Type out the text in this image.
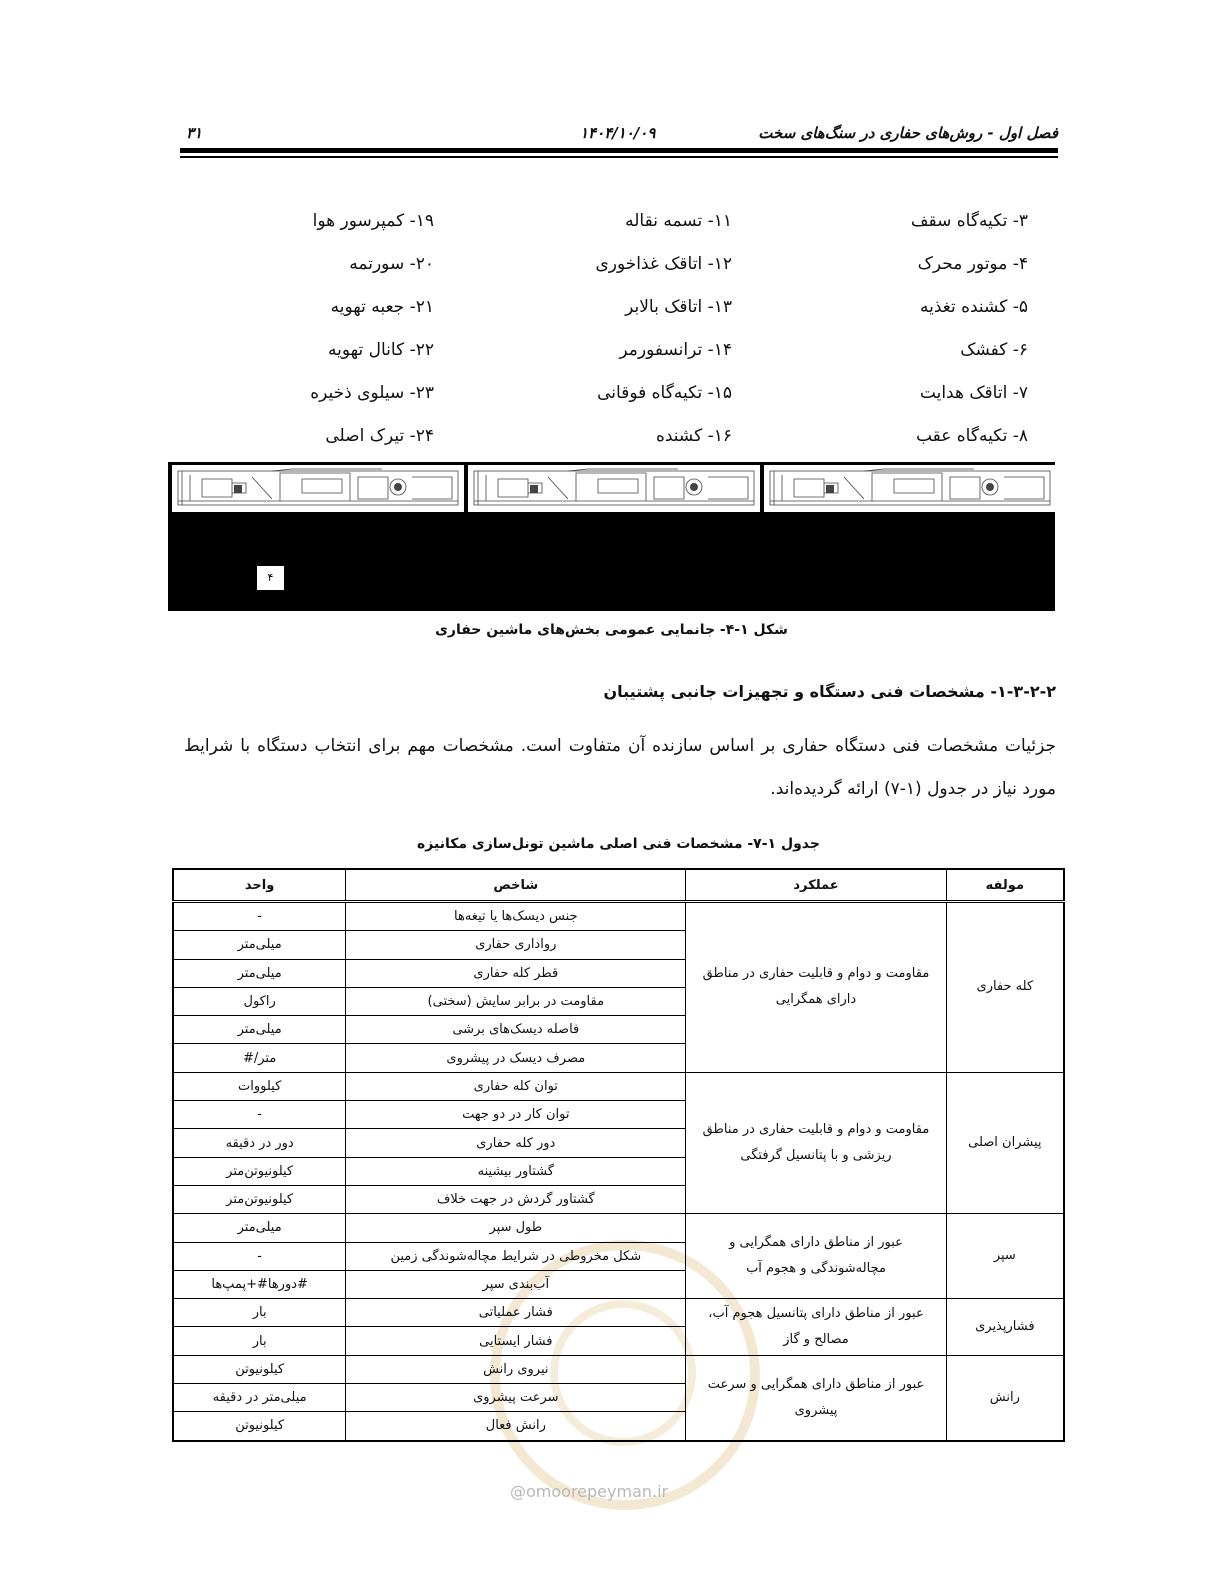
فصل اول - روش‌های حفاری در سنگ‌های سخت
۱۴۰۴/۱۰/۰۹
۳۱
۳- تکیه‌گاه سقف
۴- موتور محرک
۵- کشنده تغذیه
۶- کفشک
۷- اتاقک هدایت
۸- تکیه‌گاه عقب
۱۱- تسمه نقاله
۱۲- اتاقک غذاخوری
۱۳- اتاقک بالابر
۱۴- ترانسفورمر
۱۵- تکیه‌گاه فوقانی
۱۶- کشنده
۱۹- کمپرسور هوا
۲۰- سورتمه
۲۱- جعبه تهویه
۲۲- کانال تهویه
۲۳- سیلوی ذخیره
۲۴- تیرک اصلی
۴
شکل ۱-۴- جانمایی عمومی بخش‌های ماشین حفاری
۱-۳-۲-۲- مشخصات فنی دستگاه و تجهیزات جانبی پشتیبان
جزئیات مشخصات فنی دستگاه حفاری بر اساس سازنده آن متفاوت است. مشخصات مهم برای انتخاب دستگاه با شرایط مورد نیاز در جدول (۱-۷) ارائه گردیده‌اند.
جدول ۱-۷- مشخصات فنی اصلی ماشین تونل‌سازی مکانیزه
مولفه	عملکرد	شاخص	واحد
کله حفاری	مقاومت و دوام و قابلیت حفاری در مناطق دارای همگرایی	جنس دیسک‌ها یا تیغه‌ها	-
		رواداری حفاری	میلی‌متر
		قطر کله حفاری	میلی‌متر
		مقاومت در برابر سایش (سختی)	راکول
		فاصله دیسک‌های برشی	میلی‌متر
		مصرف دیسک در پیشروی	متر/#
پیشران اصلی	مقاومت و دوام و قابلیت حفاری در مناطق ریزشی و با پتانسیل گرفتگی	توان کله حفاری	کیلووات
		توان کار در دو جهت	-
		دور کله حفاری	دور در دقیقه
		گشتاور بیشینه	کیلونیوتن‌متر
		گشتاور گردش در جهت خلاف	کیلونیوتن‌متر
سپر	عبور از مناطق دارای همگرایی و مچاله‌شوندگی و هجوم آب	طول سپر	میلی‌متر
		شکل مخروطی در شرایط مچاله‌شوندگی زمین	-
		آب‌بندی سپر	#دورها#+پمپ‌ها
فشارپذیری	عبور از مناطق دارای پتانسیل هجوم آب، مصالح و گاز	فشار عملیاتی	بار
		فشار ایستایی	بار
رانش	عبور از مناطق دارای همگرایی و سرعت پیشروی	نیروی رانش	کیلونیوتن
		سرعت پیشروی	میلی‌متر در دقیقه
		رانش فعال	کیلونیوتن
@omoorepeyman.ir
